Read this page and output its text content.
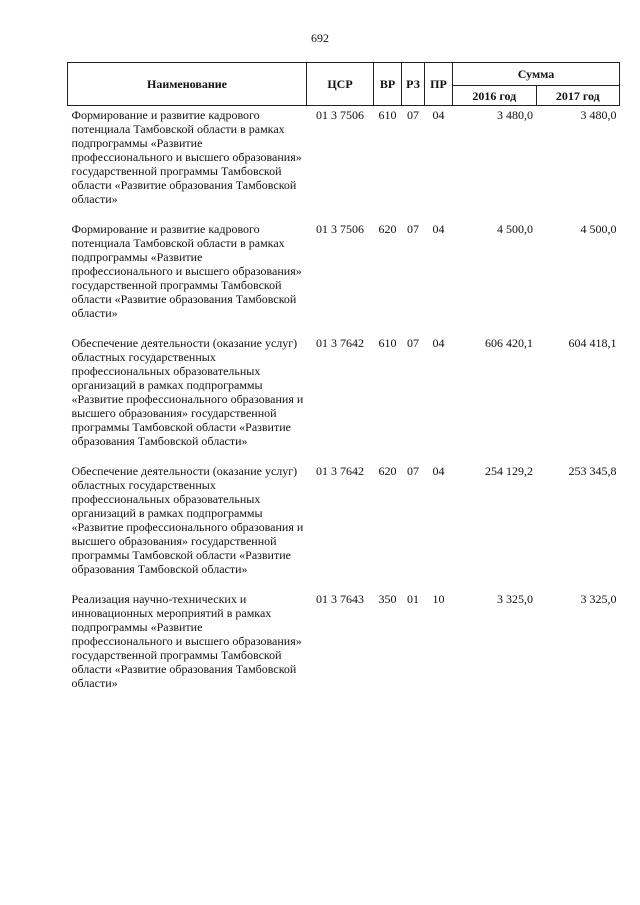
692
Наименование	ЦСР	ВР	РЗ	ПР	Сумма	
					2016 год	2017 год
Формирование и развитие кадрового потенциала Тамбовской области в рамках подпрограммы «Развитие профессионального и высшего образования» государственной программы Тамбовской области «Развитие образования Тамбовской области»	01 3 7506	610	07	04	3 480,0	3 480,0

Формирование и развитие кадрового потенциала Тамбовской области в рамках подпрограммы «Развитие профессионального и высшего образования» государственной программы Тамбовской области «Развитие образования Тамбовской области»	01 3 7506	620	07	04	4 500,0	4 500,0

Обеспечение деятельности (оказание услуг) областных государственных профессиональных образовательных организаций в рамках подпрограммы «Развитие профессионального образования и высшего образования» государственной программы Тамбовской области «Развитие образования Тамбовской области»	01 3 7642	610	07	04	606 420,1	604 418,1

Обеспечение деятельности (оказание услуг) областных государственных профессиональных образовательных организаций в рамках подпрограммы «Развитие профессионального образования и высшего образования» государственной программы Тамбовской области «Развитие образования Тамбовской области»	01 3 7642	620	07	04	254 129,2	253 345,8

Реализация научно-технических и инновационных мероприятий в рамках подпрограммы «Развитие профессионального и высшего образования» государственной программы Тамбовской области «Развитие образования Тамбовской области»	01 3 7643	350	01	10	3 325,0	3 325,0
